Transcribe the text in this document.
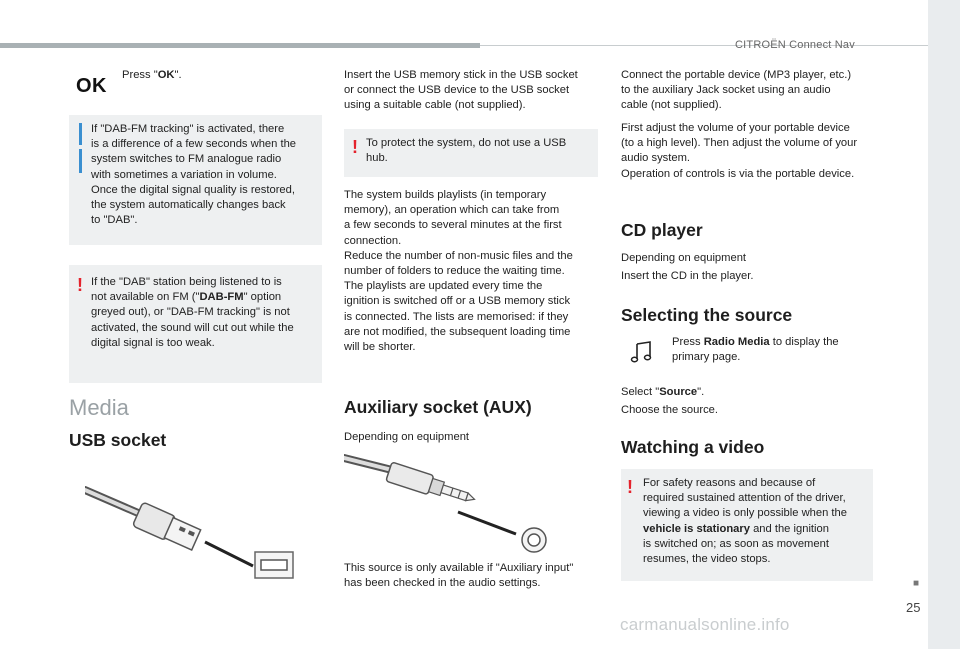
CITROËN Connect Nav
OK Press "OK".

If "DAB-FM tracking" is activated, there

is a difference of a few seconds when the

system switches to FM analogue radio

with sometimes a variation in volume.

Once the digital signal quality is restored,

the system automatically changes back

to "DAB".

! If the "DAB" station being listened to is

not available on FM ("DAB-FM" option

greyed out), or "DAB-FM tracking" is not

activated, the sound will cut out while the

digital signal is too weak.

Media
USB socket

Insert the USB memory stick in the USB socket

or connect the USB device to the USB socket

using a suitable cable (not supplied).

! To protect the system, do not use a USB

hub.

The system builds playlists (in temporary

memory), an operation which can take from

a few seconds to several minutes at the first

connection.

Reduce the number of non-music files and the

number of folders to reduce the waiting time.

The playlists are updated every time the

ignition is switched off or a USB memory stick

is connected. The lists are memorised: if they

are not modified, the subsequent loading time

will be shorter.

Auxiliary socket (AUX)

Depending on equipment

This source is only available if "Auxiliary input"

has been checked in the audio settings.

Connect the portable device (MP3 player, etc.)

to the auxiliary Jack socket using an audio

cable (not supplied).

First adjust the volume of your portable device

(to a high level). Then adjust the volume of your

audio system.

Operation of controls is via the portable device.

CD player

Depending on equipment

Insert the CD in the player.

Selecting the source

Press Radio Media to display the

primary page.

Select "Source".

Choose the source.

Watching a video
! For safety reasons and because of

required sustained attention of the driver,

viewing a video is only possible when the

vehicle is stationary and the ignition

is switched on; as soon as movement

resumes, the video stops.

■
25
carmanualsonline.info
